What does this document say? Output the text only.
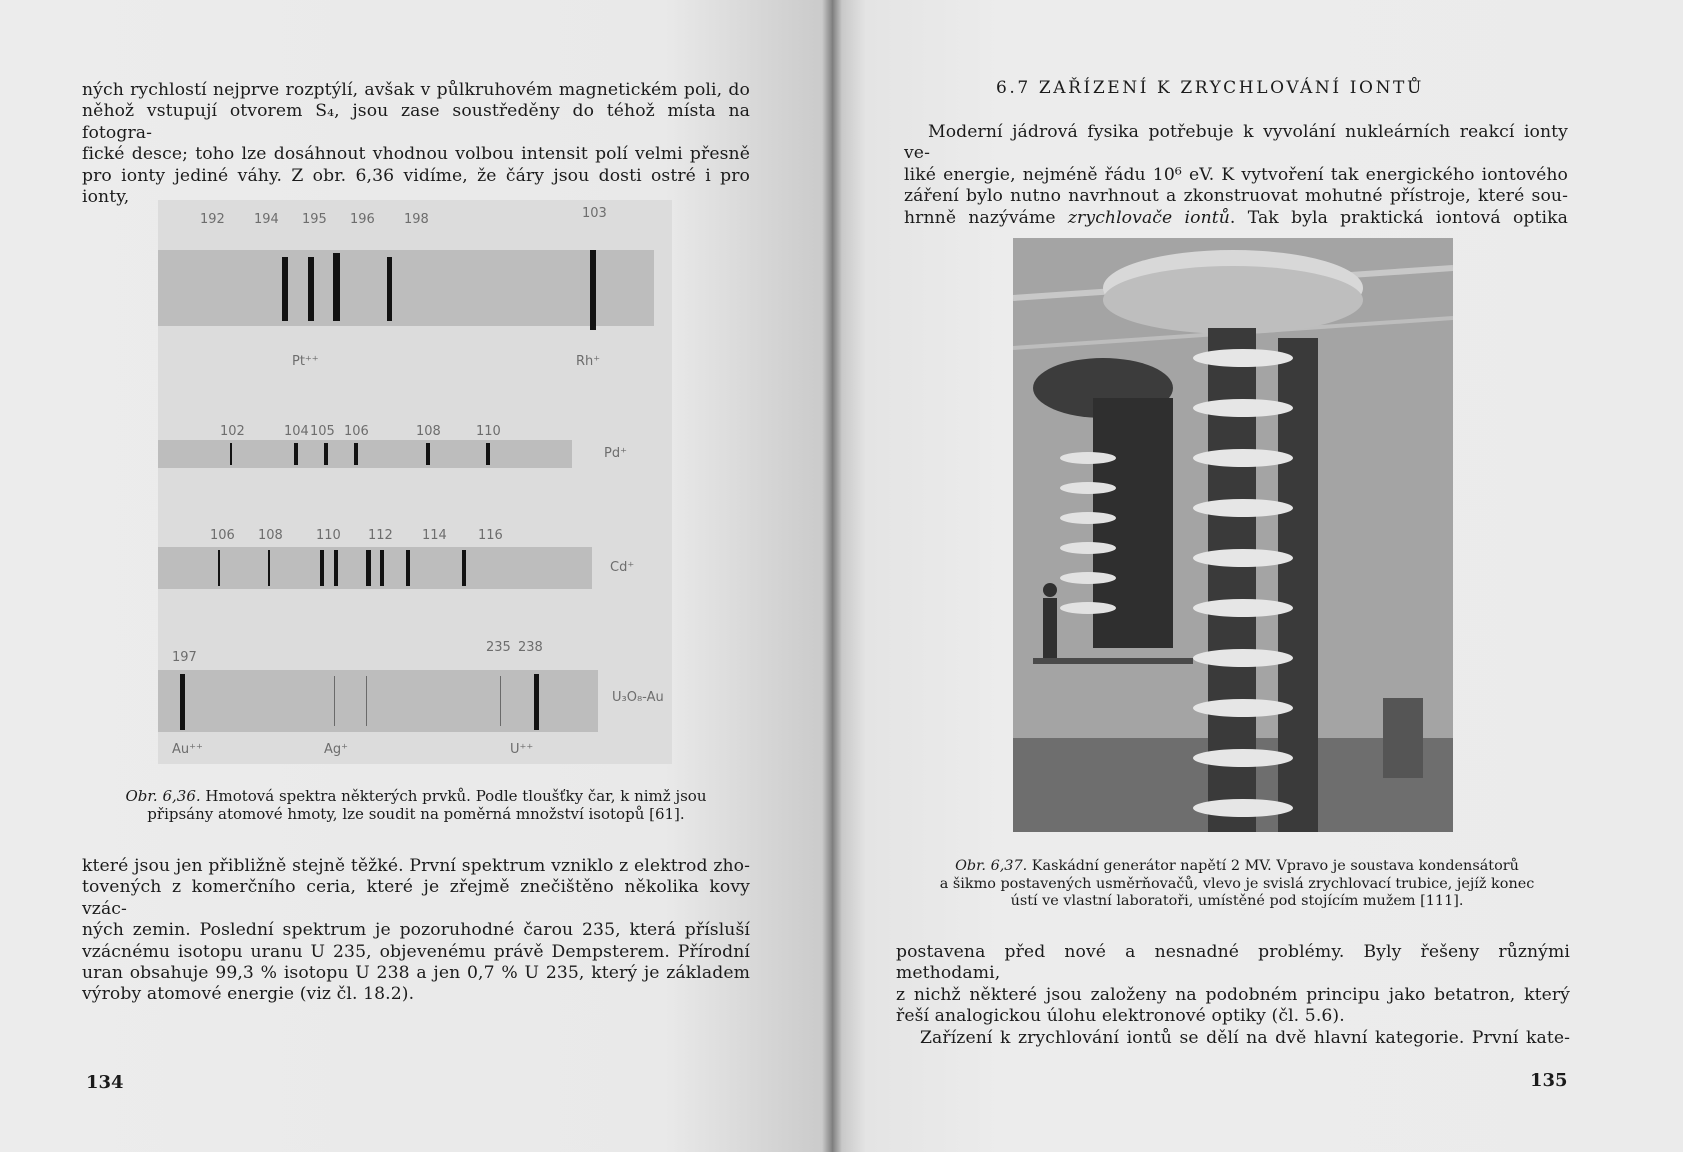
ných rychlostí nejprve rozptýlí, avšak v půlkruhovém magnetickém poli, do

něhož vstupují otvorem S₄, jsou zase soustředěny do téhož místa na fotogra-

fické desce; toho lze dosáhnout vhodnou volbou intensit polí velmi přesně

pro ionty jediné váhy. Z obr. 6,36 vidíme, že čáry jsou dosti ostré i pro ionty,

192 194 195 196 198	103
Pt⁺⁺	Rh⁺
102	104 105 106	108	110
Pd⁺
106 108	110 112 114 116
Cd⁺
197
235 238
U₃O₈-Au
Au⁺⁺	Ag⁺	U⁺⁺
Obr. 6,36. Hmotová spektra některých prvků. Podle tloušťky čar, k nimž jsou
připsány atomové hmoty, lze soudit na poměrná množství isotopů [61].

které jsou jen přibližně stejně těžké. První spektrum vzniklo z elektrod zho-

tovených z komerčního ceria, které je zřejmě znečištěno několika kovy vzác-

ných zemin. Poslední spektrum je pozoruhodné čarou 235, která přísluší

vzácnému isotopu uranu U 235, objevenému právě Dempsterem. Přírodní

uran obsahuje 99,3 % isotopu U 238 a jen 0,7 % U 235, který je základem

výroby atomové energie (viz čl. 18.2).

134
6.7 ZAŘÍZENÍ K ZRYCHLOVÁNÍ IONTŮ

Moderní jádrová fysika potřebuje k vyvolání nukleárních reakcí ionty ve-

liké energie, nejméně řádu 10⁶ eV. K vytvoření tak energického iontového

záření bylo nutno navrhnout a zkonstruovat mohutné přístroje, které sou-

hrnně nazýváme zrychlovače iontů. Tak byla praktická iontová optika

Obr. 6,37. Kaskádní generátor napětí 2 MV. Vpravo je soustava kondensátorů
a šikmo postavených usměrňovačů, vlevo je svislá zrychlovací trubice, jejíž konec
ústí ve vlastní laboratoři, umístěné pod stojícím mužem [111].

postavena před nové a nesnadné problémy. Byly řešeny různými methodami,

z nichž některé jsou založeny na podobném principu jako betatron, který

řeší analogickou úlohu elektronové optiky (čl. 5.6).

Zařízení k zrychlování iontů se dělí na dvě hlavní kategorie. První kate-

135
